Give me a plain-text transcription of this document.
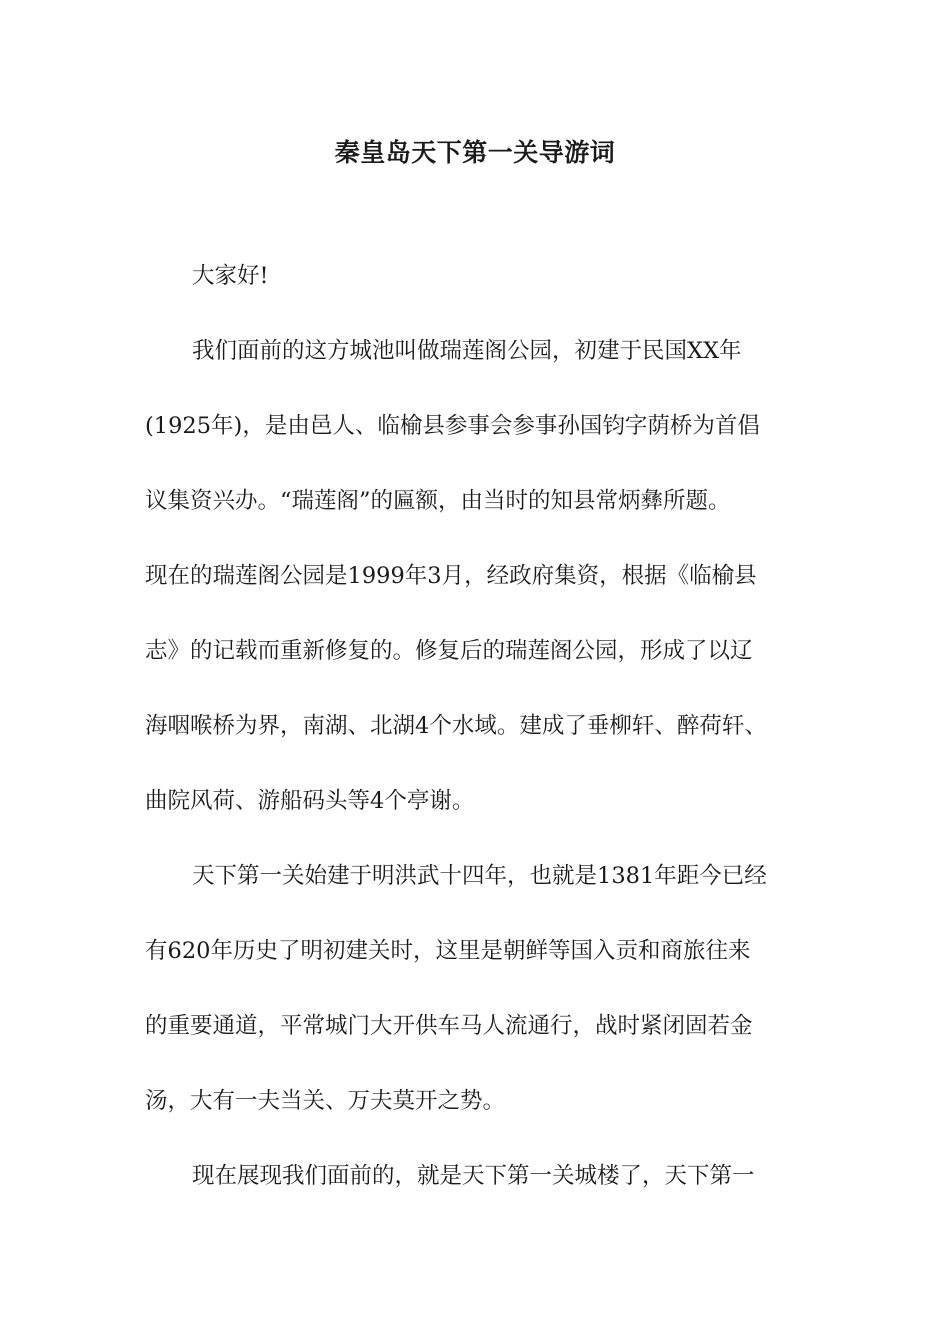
秦皇岛天下第一关导游词
大家好!
我们面前的这方城池叫做瑞莲阁公园，初建于民国XX年
(1925年)，是由邑人、临榆县参事会参事孙国钧字荫桥为首倡
议集资兴办。“瑞莲阁”的匾额，由当时的知县常炳彝所题。
现在的瑞莲阁公园是1999年3月，经政府集资，根据《临榆县
志》的记载而重新修复的。修复后的瑞莲阁公园，形成了以辽
海咽喉桥为界，南湖、北湖4个水域。建成了垂柳轩、醉荷轩、
曲院风荷、游船码头等4个亭谢。
天下第一关始建于明洪武十四年，也就是1381年距今已经
有620年历史了明初建关时，这里是朝鲜等国入贡和商旅往来
的重要通道，平常城门大开供车马人流通行，战时紧闭固若金
汤，大有一夫当关、万夫莫开之势。
现在展现我们面前的，就是天下第一关城楼了，天下第一
